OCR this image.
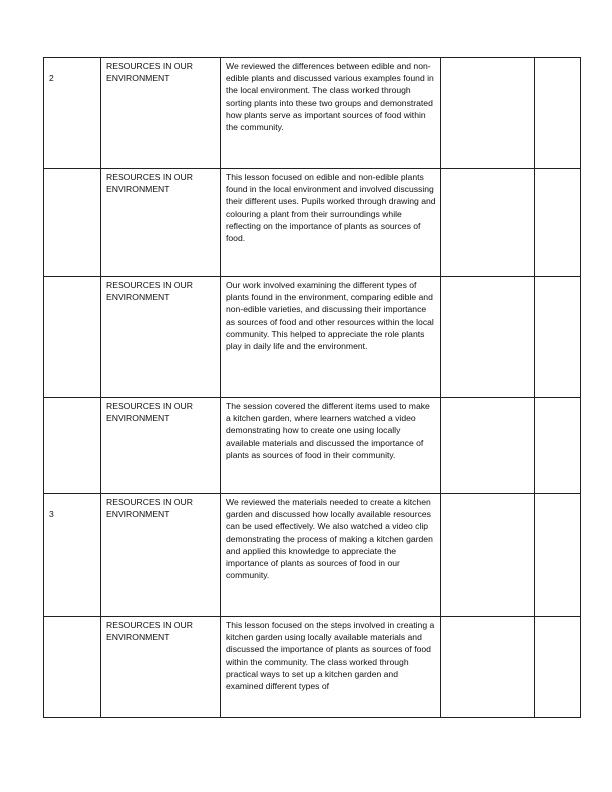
2	RESOURCES IN OUR ENVIRONMENT	We reviewed the differences between edible and non-edible plants and discussed various examples found in the local environment. The class worked through sorting plants into these two groups and demonstrated how plants serve as important sources of food within the community.		

	RESOURCES IN OUR ENVIRONMENT	This lesson focused on edible and non-edible plants found in the local environment and involved discussing their different uses. Pupils worked through drawing and colouring a plant from their surroundings while reflecting on the importance of plants as sources of food.		

	RESOURCES IN OUR ENVIRONMENT	Our work involved examining the different types of plants found in the environment, comparing edible and non-edible varieties, and discussing their importance as sources of food and other resources within the local community. This helped to appreciate the role plants play in daily life and the environment.		

	RESOURCES IN OUR ENVIRONMENT	The session covered the different items used to make a kitchen garden, where learners watched a video demonstrating how to create one using locally available materials and discussed the importance of plants as sources of food in their community.		

3	RESOURCES IN OUR ENVIRONMENT	We reviewed the materials needed to create a kitchen garden and discussed how locally available resources can be used effectively. We also watched a video clip demonstrating the process of making a kitchen garden and applied this knowledge to appreciate the importance of plants as sources of food in our community.		

	RESOURCES IN OUR ENVIRONMENT	This lesson focused on the steps involved in creating a kitchen garden using locally available materials and discussed the importance of plants as sources of food within the community. The class worked through practical ways to set up a kitchen garden and examined different types of		
